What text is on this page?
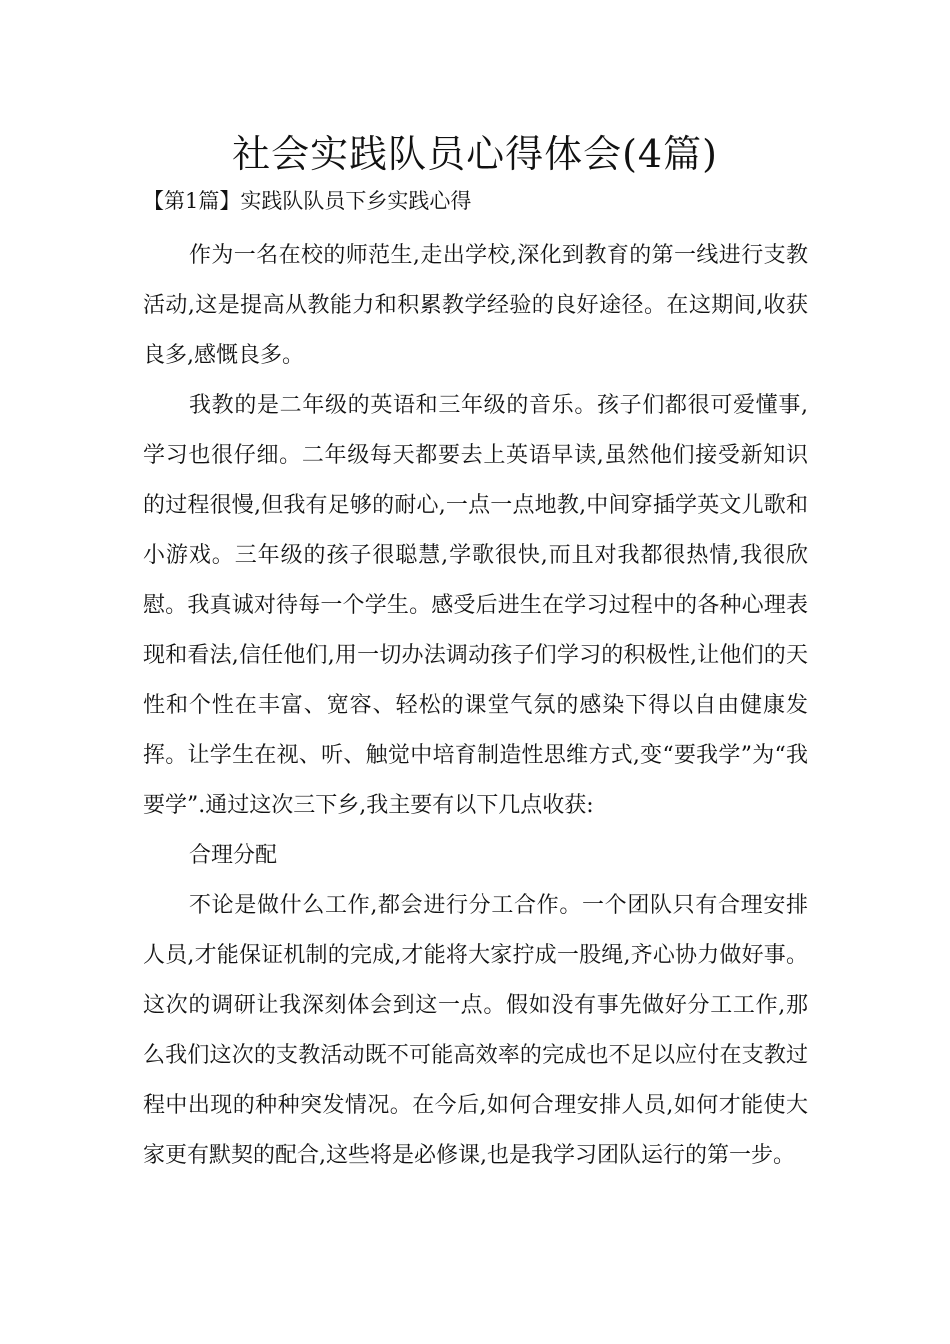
社会实践队员心得体会(4篇)
【第1篇】实践队队员下乡实践心得

作为一名在校的师范生,走出学校,深化到教育的第一线进行支教活动,这是提高从教能力和积累教学经验的良好途径。在这期间,收获良多,感慨良多。

我教的是二年级的英语和三年级的音乐。孩子们都很可爱懂事,学习也很仔细。二年级每天都要去上英语早读,虽然他们接受新知识的过程很慢,但我有足够的耐心,一点一点地教,中间穿插学英文儿歌和小游戏。三年级的孩子很聪慧,学歌很快,而且对我都很热情,我很欣慰。我真诚对待每一个学生。感受后进生在学习过程中的各种心理表现和看法,信任他们,用一切办法调动孩子们学习的积极性,让他们的天性和个性在丰富、宽容、轻松的课堂气氛的感染下得以自由健康发挥。让学生在视、听、触觉中培育制造性思维方式,变“要我学”为“我要学”.通过这次三下乡,我主要有以下几点收获:

合理分配

不论是做什么工作,都会进行分工合作。一个团队只有合理安排人员,才能保证机制的完成,才能将大家拧成一股绳,齐心协力做好事。这次的调研让我深刻体会到这一点。假如没有事先做好分工工作,那么我们这次的支教活动既不可能高效率的完成也不足以应付在支教过程中出现的种种突发情况。在今后,如何合理安排人员,如何才能使大家更有默契的配合,这些将是必修课,也是我学习团队运行的第一步。
